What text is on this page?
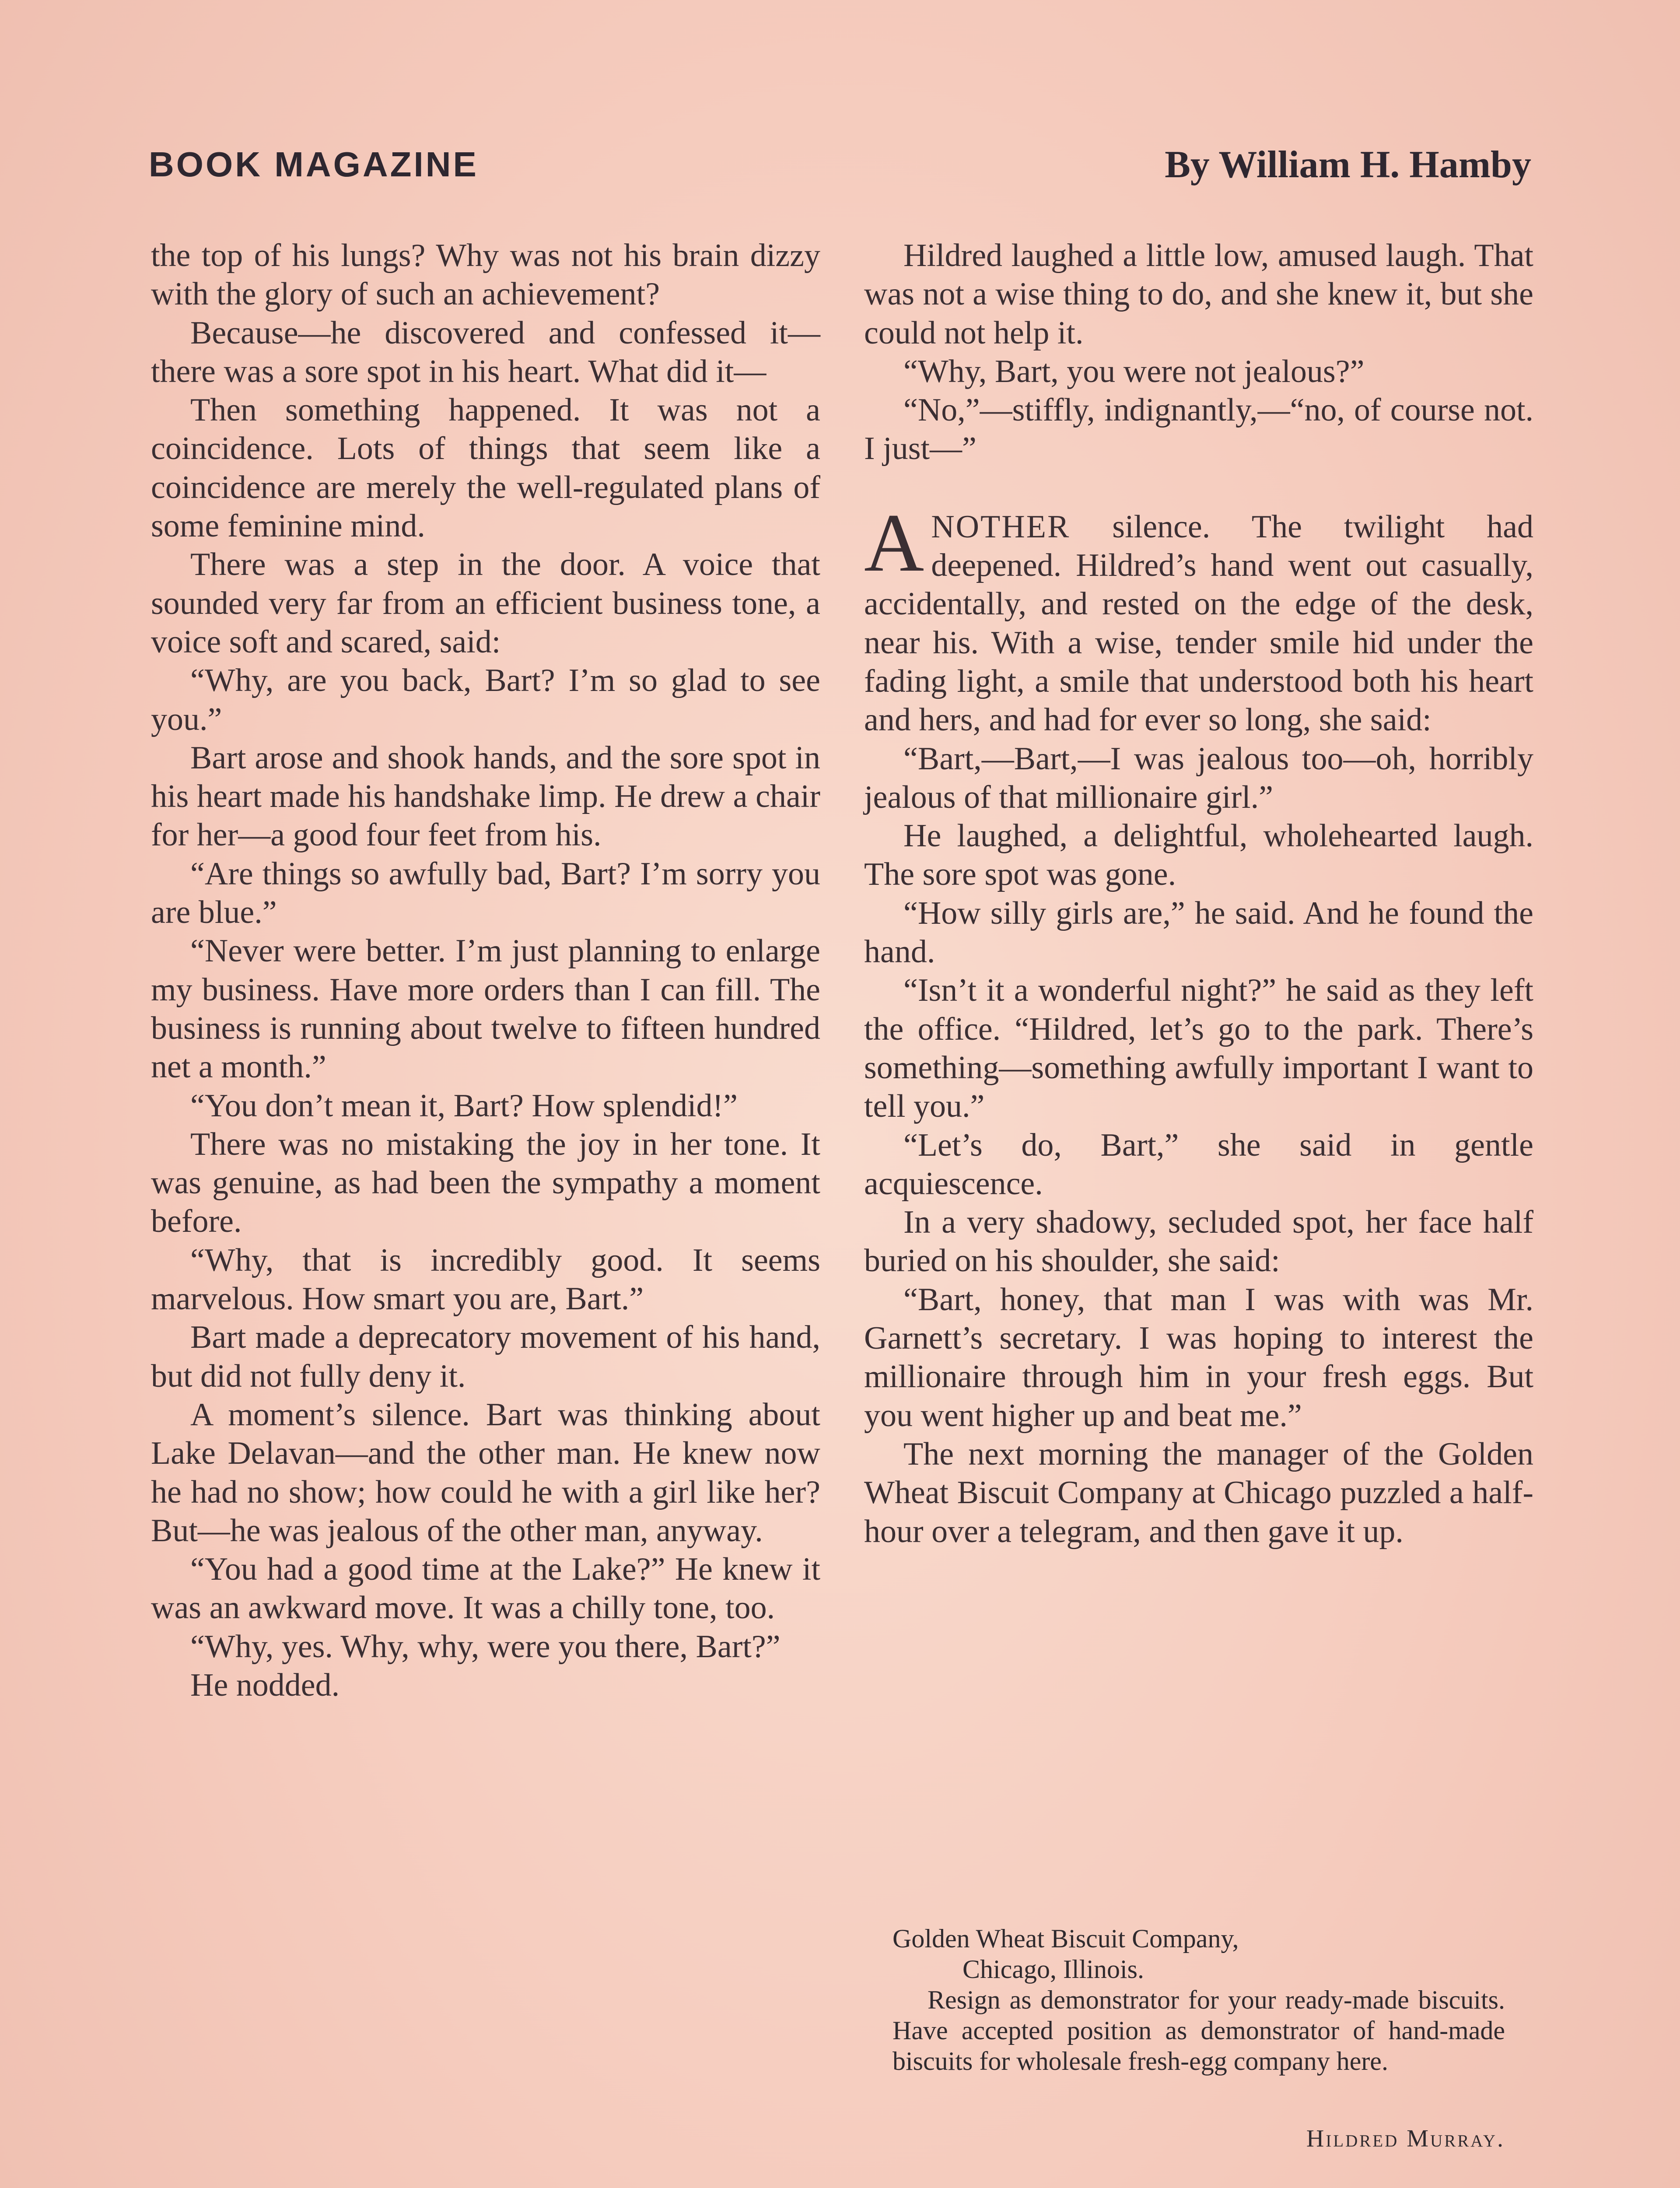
BOOK MAGAZINE	By William H. Hamby

the top of his lungs? Why was not his brain dizzy with the glory of such an achievement?

Because—he discovered and confessed it—there was a sore spot in his heart. What did it—

Then something happened. It was not a coincidence. Lots of things that seem like a coincidence are merely the well-regulated plans of some feminine mind.

There was a step in the door. A voice that sounded very far from an efficient business tone, a voice soft and scared, said:

“Why, are you back, Bart? I’m so glad to see you.”

Bart arose and shook hands, and the sore spot in his heart made his handshake limp. He drew a chair for her—a good four feet from his.

“Are things so awfully bad, Bart? I’m sorry you are blue.”

“Never were better. I’m just planning to enlarge my business. Have more orders than I can fill. The business is running about twelve to fifteen hundred net a month.”

“You don’t mean it, Bart? How splendid!”

There was no mistaking the joy in her tone. It was genuine, as had been the sympathy a moment before.

“Why, that is incredibly good. It seems marvelous. How smart you are, Bart.”

Bart made a deprecatory movement of his hand, but did not fully deny it.

A moment’s silence. Bart was thinking about Lake Delavan—and the other man. He knew now he had no show; how could he with a girl like her? But—he was jealous of the other man, anyway.

“You had a good time at the Lake?” He knew it was an awkward move. It was a chilly tone, too.

“Why, yes. Why, why, were you there, Bart?”

He nodded.

Hildred laughed a little low, amused laugh. That was not a wise thing to do, and she knew it, but she could not help it.

“Why, Bart, you were not jealous?”

“No,”—stiffly, indignantly,—“no, of course not. I just—”

ANOTHER silence. The twilight had deepened. Hildred’s hand went out casually, accidentally, and rested on the edge of the desk, near his. With a wise, tender smile hid under the fading light, a smile that understood both his heart and hers, and had for ever so long, she said:

“Bart,—Bart,—I was jealous too—oh, horribly jealous of that millionaire girl.”

He laughed, a delightful, wholehearted laugh. The sore spot was gone.

“How silly girls are,” he said. And he found the hand.

“Isn’t it a wonderful night?” he said as they left the office. “Hildred, let’s go to the park. There’s something—something awfully important I want to tell you.”

“Let’s do, Bart,” she said in gentle acquiescence.

In a very shadowy, secluded spot, her face half buried on his shoulder, she said:

“Bart, honey, that man I was with was Mr. Garnett’s secretary. I was hoping to interest the millionaire through him in your fresh eggs. But you went higher up and beat me.”

The next morning the manager of the Golden Wheat Biscuit Company at Chicago puzzled a half-hour over a telegram, and then gave it up.

Golden Wheat Biscuit Company,

Chicago, Illinois.

Resign as demonstrator for your ready-made biscuits. Have accepted position as demonstrator of hand-made biscuits for wholesale fresh-egg company here.

Hildred Murray.
